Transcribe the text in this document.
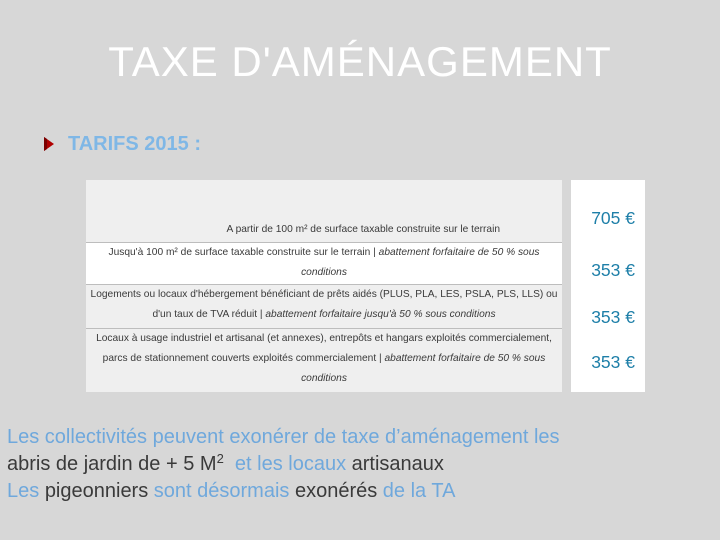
TAXE D'AMÉNAGEMENT
TARIFS 2015 :
A partir de 100 m² de surface taxable construite sur le terrain
Jusqu'à 100 m² de surface taxable construite sur le terrain | abattement forfaitaire de 50 % sous conditions
Logements ou locaux d'hébergement bénéficiant de prêts aidés (PLUS, PLA, LES, PSLA, PLS, LLS) ou d'un taux de TVA réduit | abattement forfaitaire jusqu'à 50 % sous conditions
Locaux à usage industriel et artisanal (et annexes), entrepôts et hangars exploités commercialement, parcs de stationnement couverts exploités commercialement | abattement forfaitaire de 50 % sous conditions
705 €
353 €
353 €
353 €
Les collectivités peuvent exonérer de taxe d’aménagement les
abris de jardin de + 5 $M^2$  et les locaux artisanaux
Les pigeonniers sont désormais exonérés de la TA
